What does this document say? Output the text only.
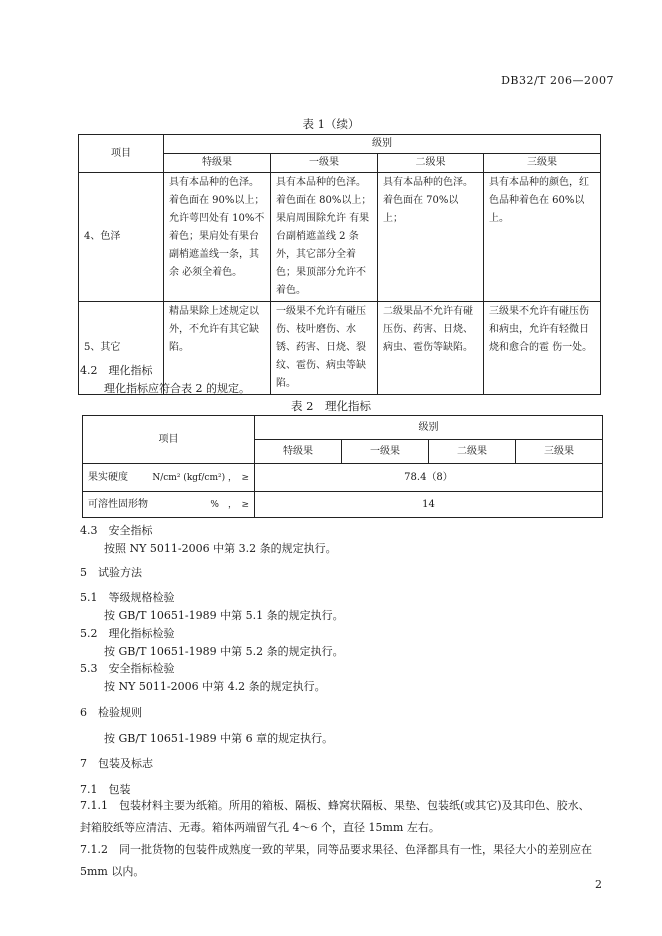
DB32/T 206—2007
表 1（续）
项目	级别			
	特级果	一级果	二级果	三级果
4、色泽	具有本品种的色泽。着色面在 90%以上；允许萼凹处有 10%不着色；果肩处有果台副梢遮盖线一条，其余 必须全着色。	具有本品种的色泽。着色面在 80%以上；果肩周围除允许 有果台副梢遮盖线 2 条外，其它部分全着色；果顶部分允许不着色。	具有本品种的色泽。着色面在 70%以上；	具有本品种的颜色，红色品种着色在 60%以上。
5、其它	精品果除上述规定以外，不允许有其它缺陷。	一级果不允许有碰压伤、枝叶磨伤、水锈、药害、日烧、裂纹、雹伤、病虫等缺陷。	二级果品不允许有碰压伤、药害、日烧、病虫、雹伤等缺陷。	三级果不允许有碰压伤和病虫，允许有轻微日烧和愈合的雹 伤一处。
4.2　理化指标
理化指标应符合表 2 的规定。
表 2　理化指标
项目	级别			
	特级果	一级果	二级果	三级果
果实硬度 N/cm² (kgf/cm²) ，　≥	78.4（8）			
可溶性固形物 %　，　≥	14			
4.3　安全指标
按照 NY 5011-2006 中第 3.2 条的规定执行。
5　试验方法
5.1　等级规格检验
按 GB/T 10651-1989 中第 5.1 条的规定执行。
5.2　理化指标检验
按 GB/T 10651-1989 中第 5.2 条的规定执行。
5.3　安全指标检验
按 NY 5011-2006 中第 4.2 条的规定执行。
6　检验规则
按 GB/T 10651-1989 中第 6 章的规定执行。
7　包装及标志
7.1　包装
7.1.1　包装材料主要为纸箱。所用的箱板、隔板、蜂窝状隔板、果垫、包装纸(或其它)及其印色、胶水、封箱胶纸等应清洁、无毒。箱体两端留气孔 4～6 个，直径 15mm 左右。
7.1.2　同一批货物的包装件成熟度一致的苹果，同等品要求果径、色泽都具有一性，果径大小的差别应在 5mm 以内。
2
